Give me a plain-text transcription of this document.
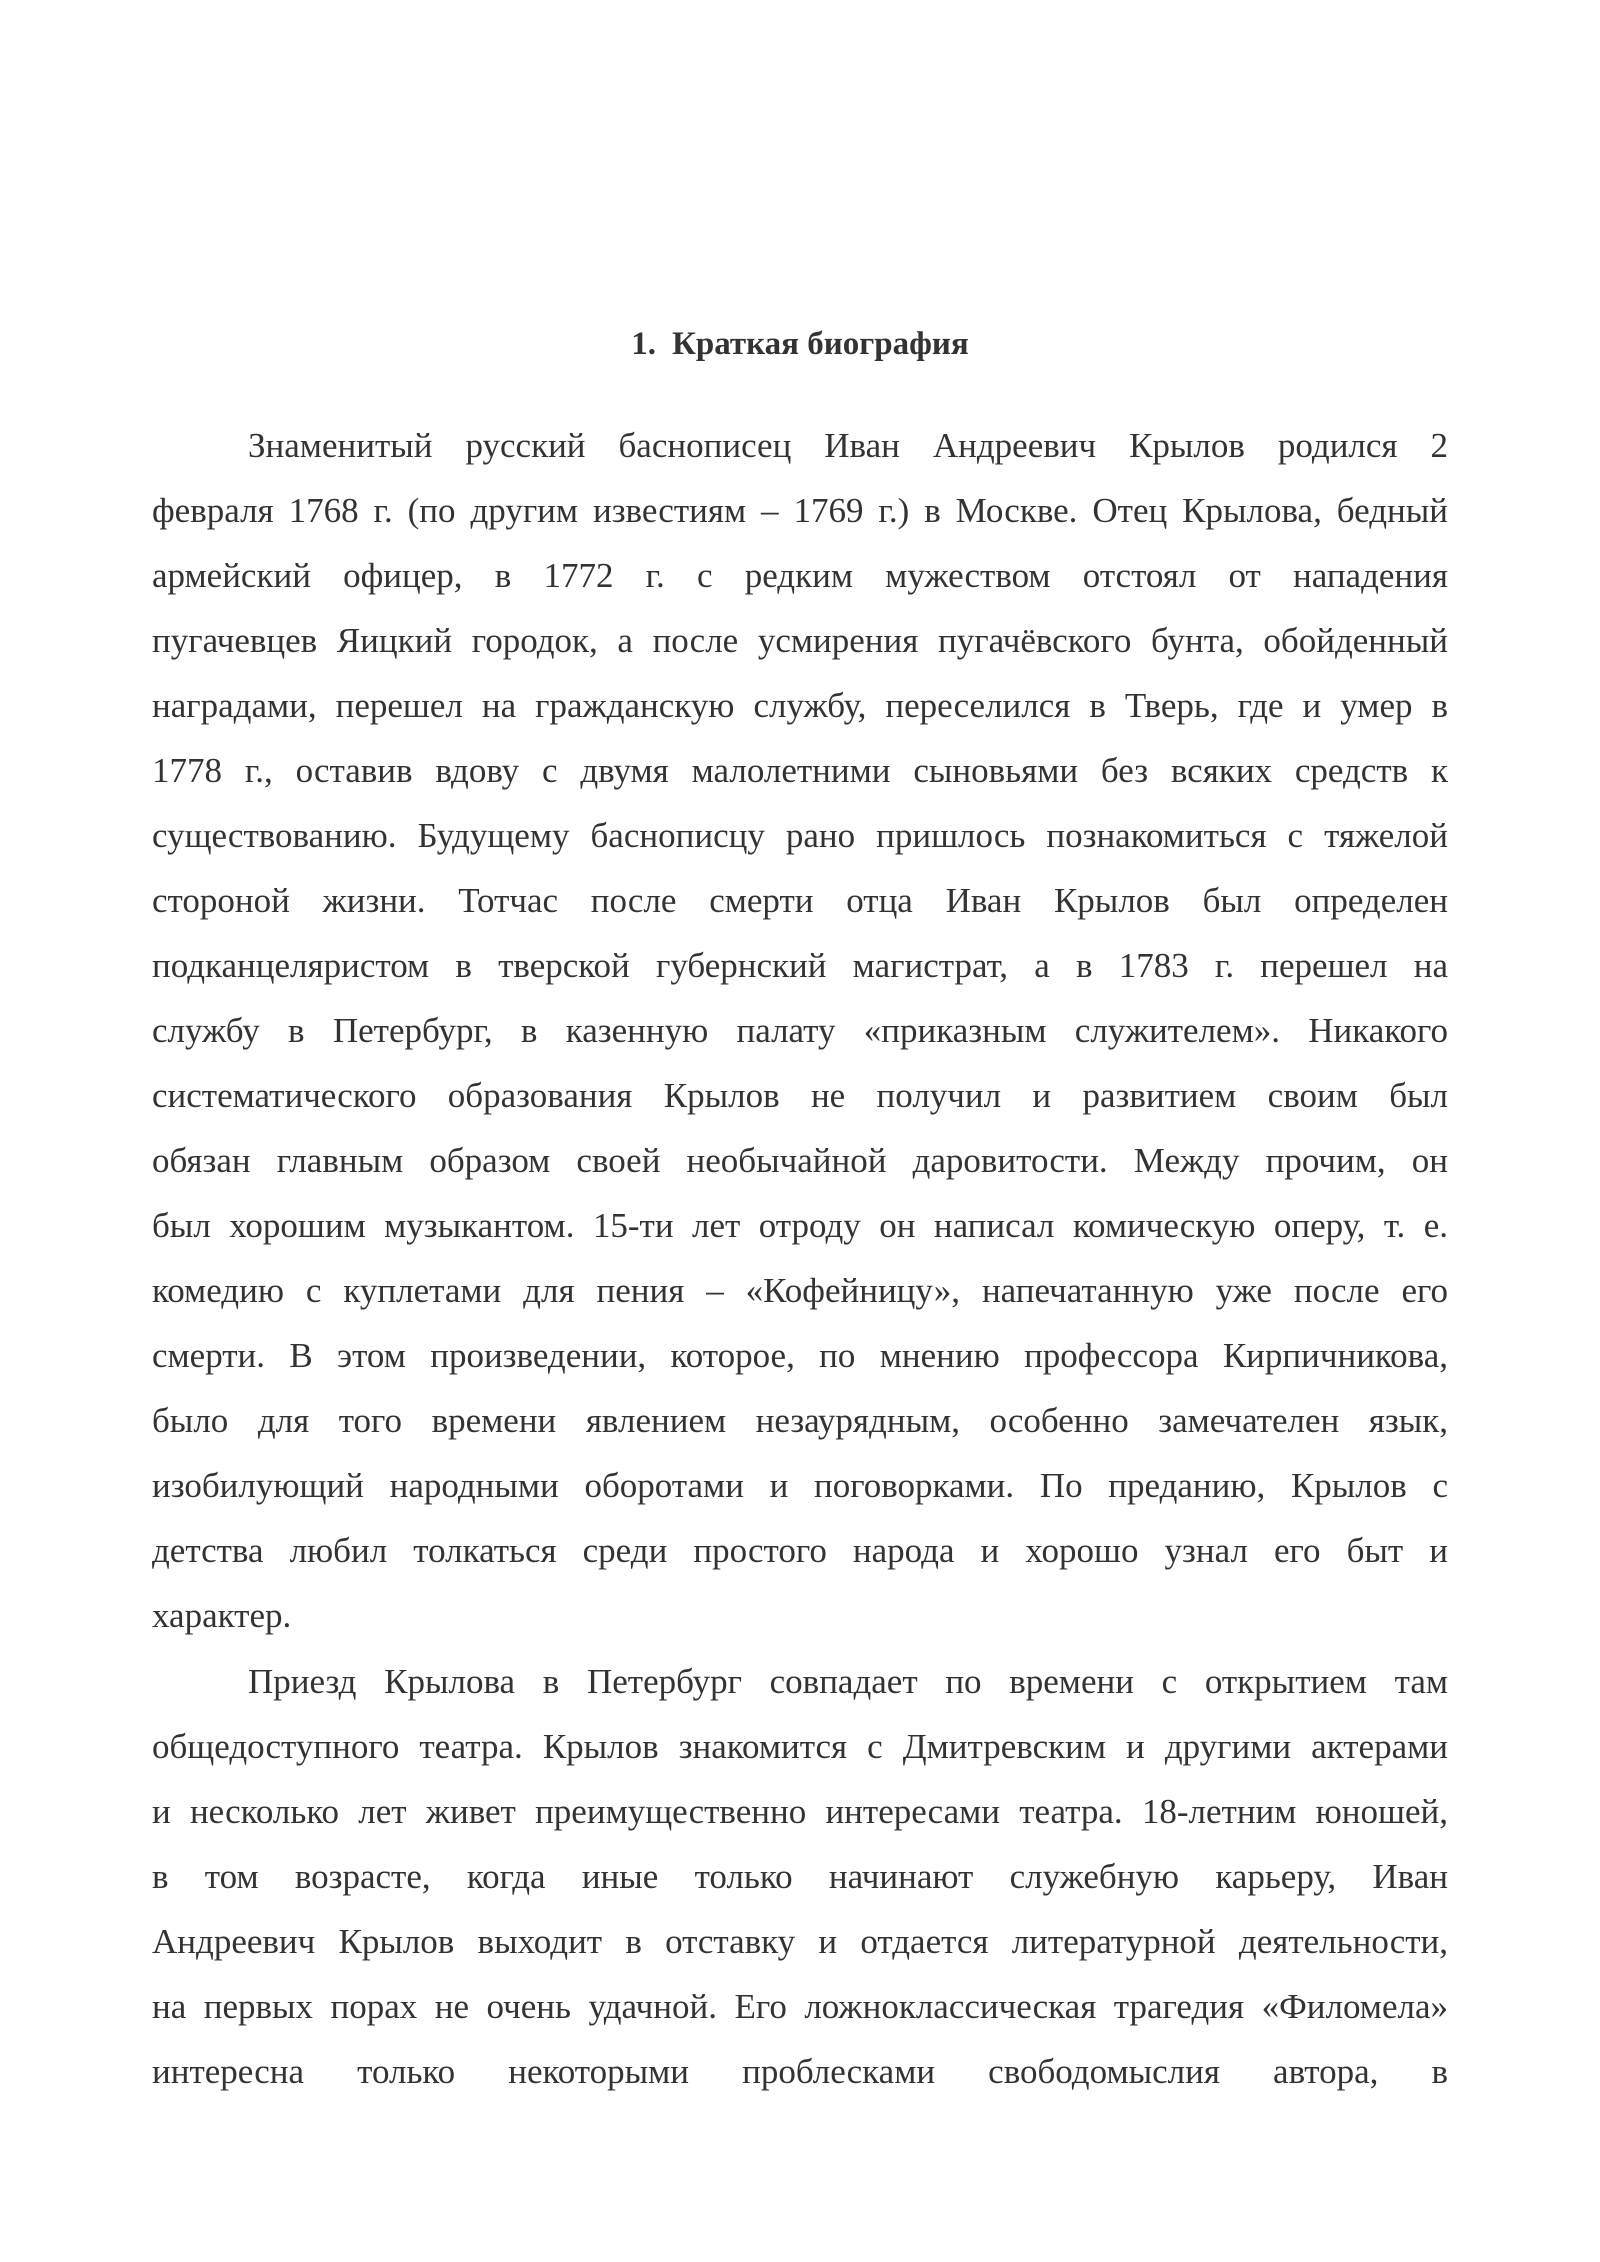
1. Краткая биография
Знаменитый русский баснописец Иван Андреевич Крылов родился 2
февраля 1768 г. (по другим известиям – 1769 г.) в Москве. Отец Крылова, бедный
армейский офицер, в 1772 г. с редким мужеством отстоял от нападения
пугачевцев Яицкий городок, а после усмирения пугачёвского бунта, обойденный
наградами, перешел на гражданскую службу, переселился в Тверь, где и умер в
1778 г., оставив вдову с двумя малолетними сыновьями без всяких средств к
существованию. Будущему баснописцу рано пришлось познакомиться с тяжелой
стороной жизни. Тотчас после смерти отца Иван Крылов был определен
подканцеляристом в тверской губернский магистрат, а в 1783 г. перешел на
службу в Петербург, в казенную палату «приказным служителем». Никакого
систематического образования Крылов не получил и развитием своим был
обязан главным образом своей необычайной даровитости. Между прочим, он
был хорошим музыкантом. 15-ти лет отроду он написал комическую оперу, т. е.
комедию с куплетами для пения – «Кофейницу», напечатанную уже после его
смерти. В этом произведении, которое, по мнению профессора Кирпичникова,
было для того времени явлением незаурядным, особенно замечателен язык,
изобилующий народными оборотами и поговорками. По преданию, Крылов с
детства любил толкаться среди простого народа и хорошо узнал его быт и
характер.
Приезд Крылова в Петербург совпадает по времени с открытием там
общедоступного театра. Крылов знакомится с Дмитревским и другими актерами
и несколько лет живет преимущественно интересами театра. 18-летним юношей,
в том возрасте, когда иные только начинают служебную карьеру, Иван
Андреевич Крылов выходит в отставку и отдается литературной деятельности,
на первых порах не очень удачной. Его ложноклассическая трагедия «Филомела»
интересна только некоторыми проблесками свободомыслия автора, в
